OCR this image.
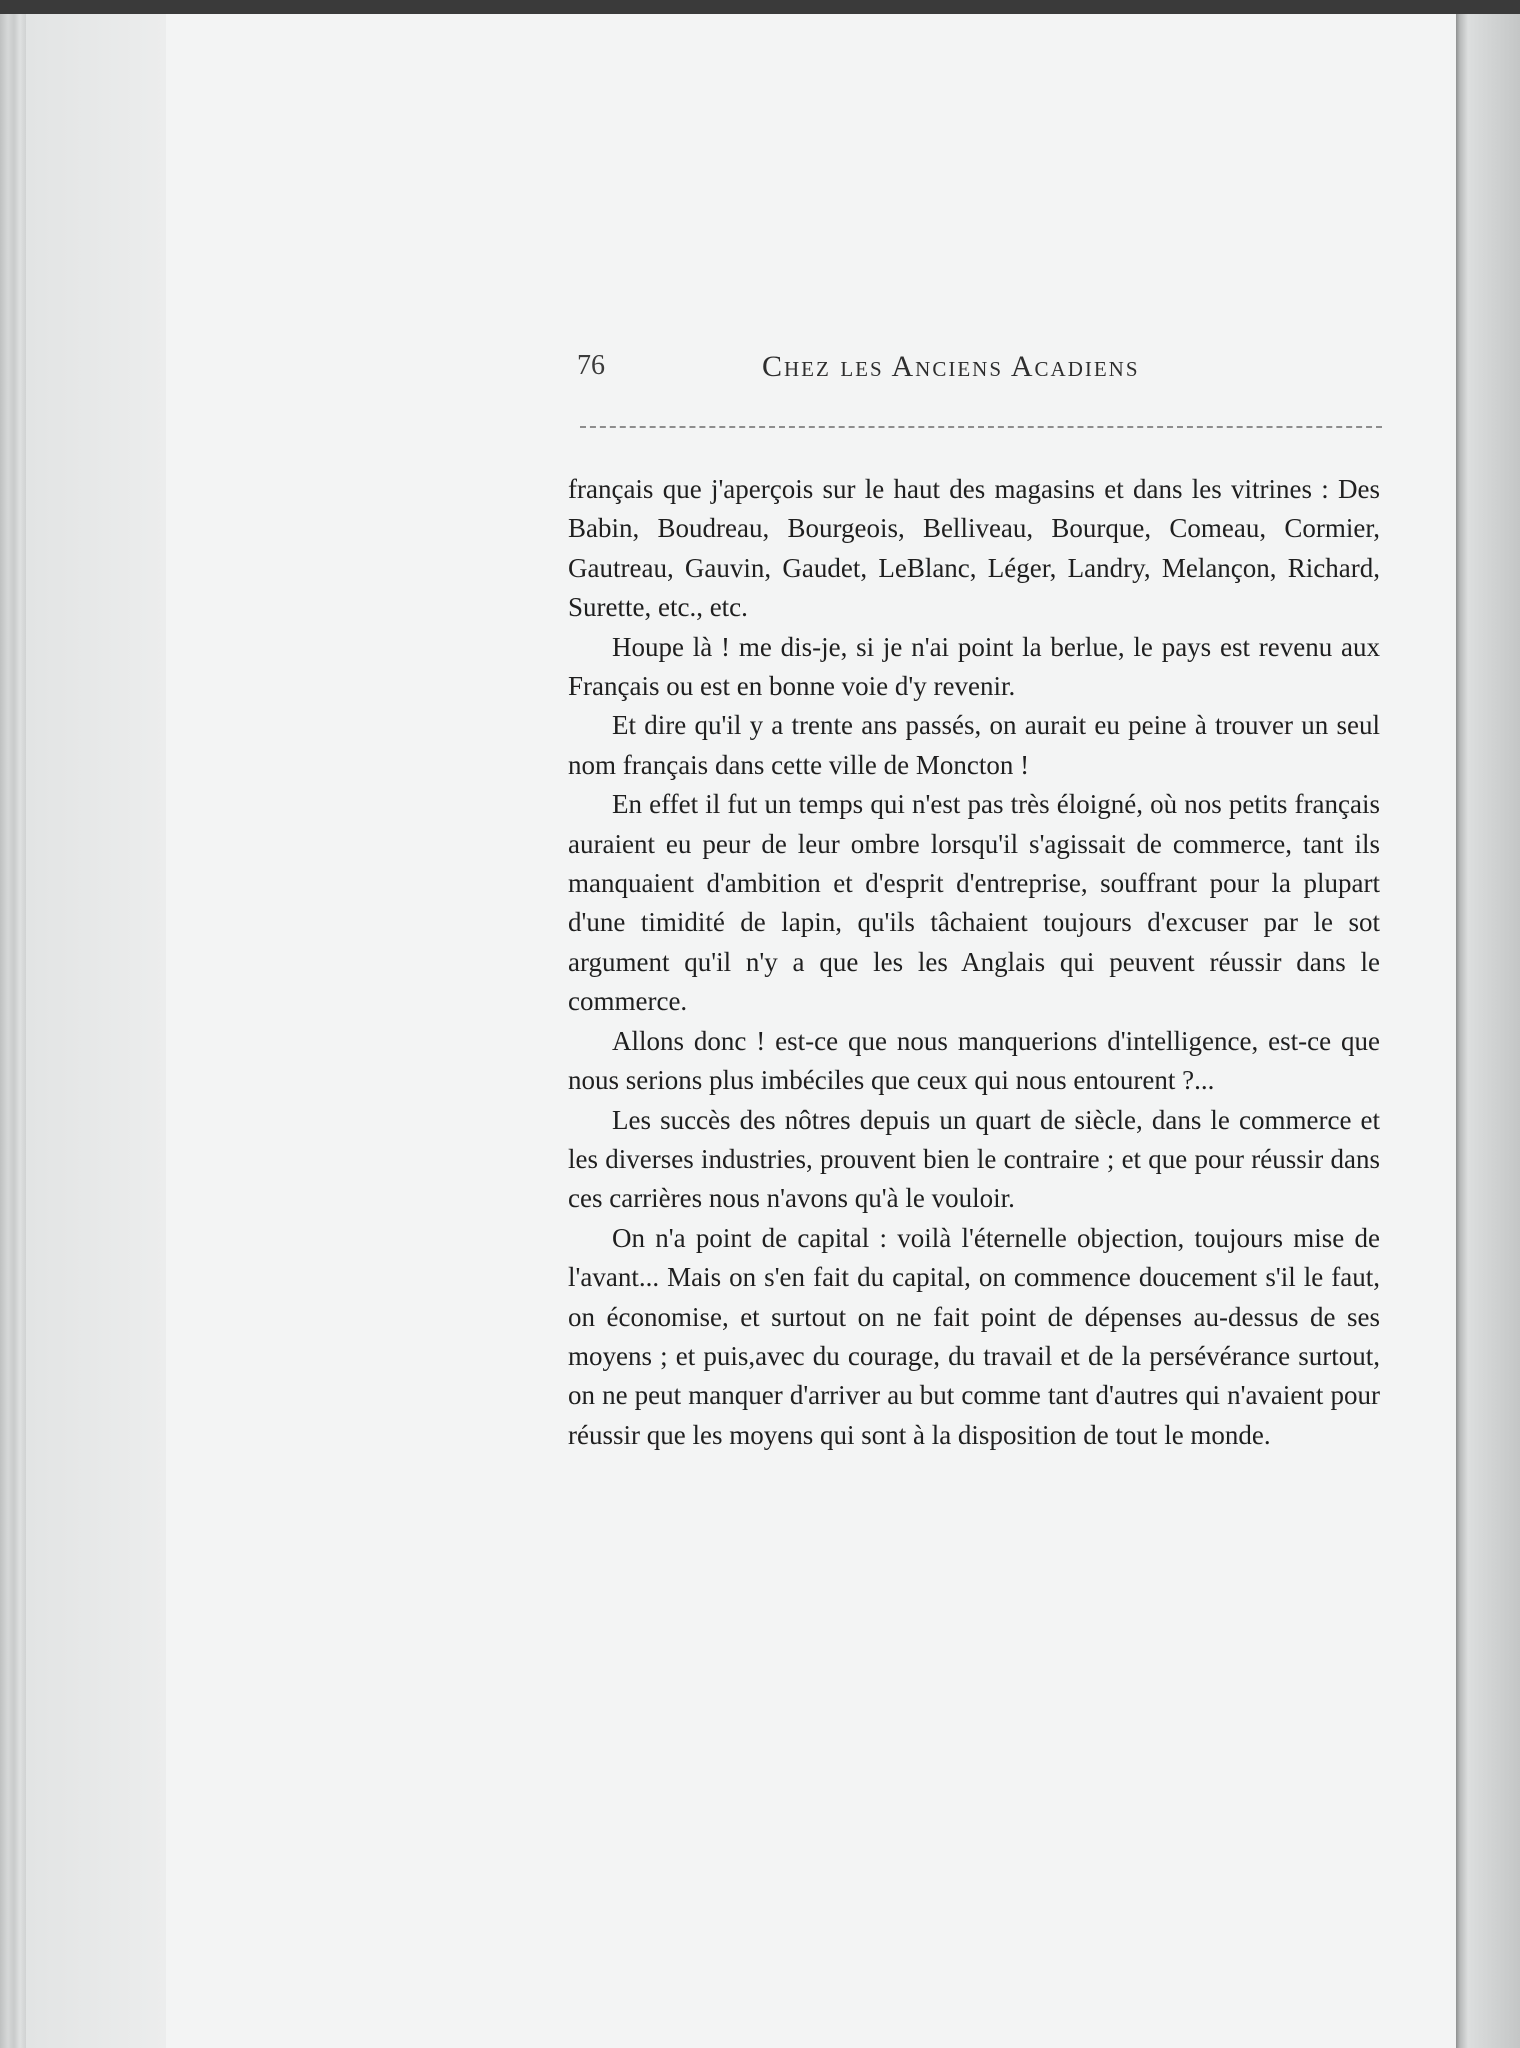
76	Chez les Anciens Acadiens

français que j'aperçois sur le haut des magasins et dans les vitrines : Des Babin, Boudreau, Bourgeois, Belliveau, Bourque, Comeau, Cormier, Gautreau, Gauvin, Gaudet, LeBlanc, Léger, Landry, Melançon, Richard, Surette, etc., etc.

Houpe là ! me dis-je, si je n'ai point la berlue, le pays est revenu aux Français ou est en bonne voie d'y revenir.

Et dire qu'il y a trente ans passés, on aurait eu peine à trouver un seul nom français dans cette ville de Moncton !

En effet il fut un temps qui n'est pas très éloigné, où nos petits français auraient eu peur de leur ombre lorsqu'il s'agissait de commerce, tant ils manquaient d'ambition et d'esprit d'entreprise, souffrant pour la plupart d'une timidité de lapin, qu'ils tâchaient toujours d'excuser par le sot argument qu'il n'y a que les les Anglais qui peuvent réussir dans le commerce.

Allons donc ! est-ce que nous manquerions d'intelligence, est-ce que nous serions plus imbéciles que ceux qui nous entourent ?...

Les succès des nôtres depuis un quart de siècle, dans le commerce et les diverses industries, prouvent bien le contraire ; et que pour réussir dans ces carrières nous n'avons qu'à le vouloir.

On n'a point de capital : voilà l'éternelle objection, toujours mise de l'avant... Mais on s'en fait du capital, on commence doucement s'il le faut, on économise, et surtout on ne fait point de dépenses au-dessus de ses moyens ; et puis,avec du courage, du travail et de la persévérance surtout, on ne peut manquer d'arriver au but comme tant d'autres qui n'avaient pour réussir que les moyens qui sont à la disposition de tout le monde.
